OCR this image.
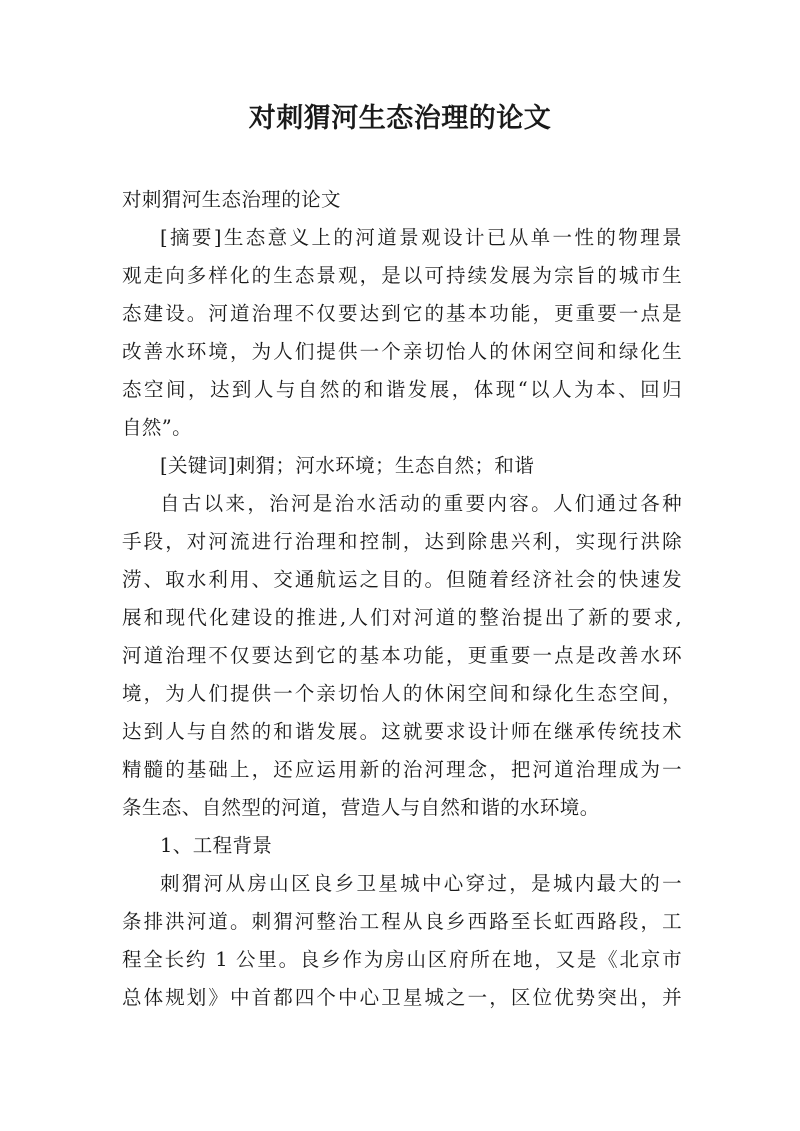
对刺猬河生态治理的论文
对刺猬河生态治理的论文
[摘要]生态意义上的河道景观设计已从单一性的物理景
观走向多样化的生态景观，是以可持续发展为宗旨的城市生
态建设。河道治理不仅要达到它的基本功能，更重要一点是
改善水环境，为人们提供一个亲切怡人的休闲空间和绿化生
态空间，达到人与自然的和谐发展，体现“以人为本、回归
自然”。
[关键词]刺猬；河水环境；生态自然；和谐
自古以来，治河是治水活动的重要内容。人们通过各种
手段，对河流进行治理和控制，达到除患兴利，实现行洪除
涝、取水利用、交通航运之目的。但随着经济社会的快速发
展和现代化建设的推进,人们对河道的整治提出了新的要求,
河道治理不仅要达到它的基本功能，更重要一点是改善水环
境，为人们提供一个亲切怡人的休闲空间和绿化生态空间，
达到人与自然的和谐发展。这就要求设计师在继承传统技术
精髓的基础上，还应运用新的治河理念，把河道治理成为一
条生态、自然型的河道，营造人与自然和谐的水环境。
1、工程背景
刺猬河从房山区良乡卫星城中心穿过，是城内最大的一
条排洪河道。刺猬河整治工程从良乡西路至长虹西路段，工
程全长约 1 公里。良乡作为房山区府所在地，又是《北京市
总体规划》中首都四个中心卫星城之一，区位优势突出，并
